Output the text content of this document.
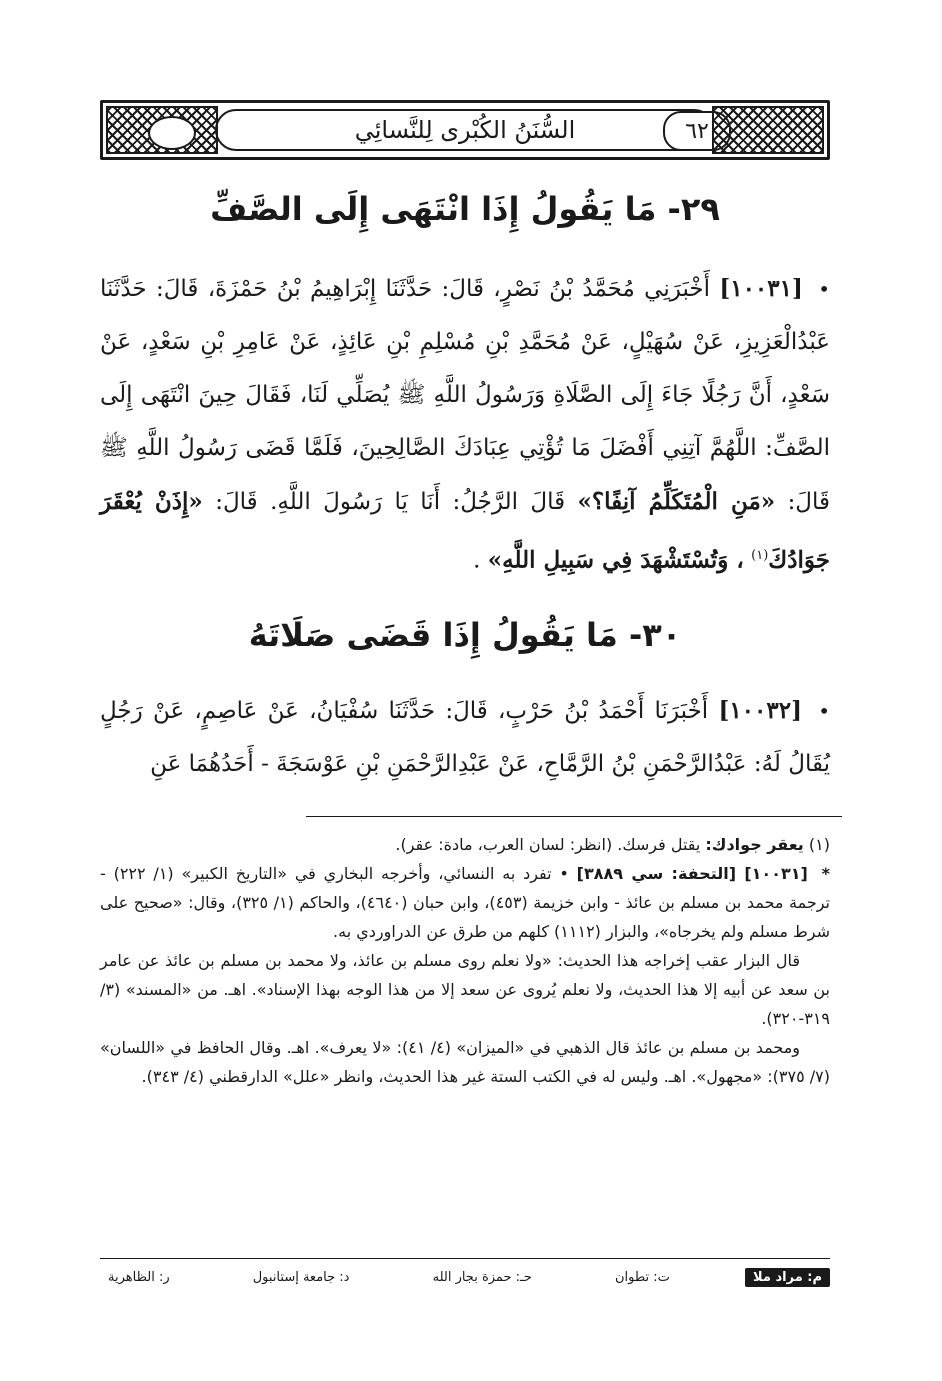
السُّنَنُ الكُبْرى لِلنَّسائِي	٦٢
٢٩- مَا يَقُولُ إِذَا انْتَهَى إِلَى الصَّفِّ
• [١٠٠٣١] أَخْبَرَنِي مُحَمَّدُ بْنُ نَصْرٍ، قَالَ: حَدَّثَنَا إِبْرَاهِيمُ بْنُ حَمْزَةَ، قَالَ: حَدَّثَنَا عَبْدُالْعَزِيزِ، عَنْ سُهَيْلٍ، عَنْ مُحَمَّدِ بْنِ مُسْلِمِ بْنِ عَائِذٍ، عَنْ عَامِرِ بْنِ سَعْدٍ، عَنْ سَعْدٍ، أَنَّ رَجُلًا جَاءَ إِلَى الصَّلَاةِ وَرَسُولُ اللَّهِ ﷺ يُصَلِّي لَنَا، فَقَالَ حِينَ انْتَهَى إِلَى الصَّفِّ: اللَّهُمَّ آتِنِي أَفْضَلَ مَا تُؤْتِي عِبَادَكَ الصَّالِحِينَ، فَلَمَّا قَضَى رَسُولُ اللَّهِ ﷺ قَالَ: «مَنِ الْمُتَكَلِّمُ آنِفًا؟» قَالَ الرَّجُلُ: أَنَا يَا رَسُولَ اللَّهِ. قَالَ: «إِذَنْ يُعْقَرَ جَوَادُكَ$^{(١)}$ ، وَتُسْتَشْهَدَ فِي سَبِيلِ اللَّهِ» .
٣٠- مَا يَقُولُ إِذَا قَضَى صَلَاتَهُ
• [١٠٠٣٢] أَخْبَرَنَا أَحْمَدُ بْنُ حَرْبٍ، قَالَ: حَدَّثَنَا سُفْيَانُ، عَنْ عَاصِمٍ، عَنْ رَجُلٍ يُقَالُ لَهُ: عَبْدُالرَّحْمَنِ بْنُ الرَّمَّاحِ، عَنْ عَبْدِالرَّحْمَنِ بْنِ عَوْسَجَةَ - أَحَدُهُمَا عَنِ

(١) يعقر جوادك: يقتل فرسك. (انظر: لسان العرب، مادة: عقر).

* [١٠٠٣١] [التحفة: سي ٣٨٨٩] • تفرد به النسائي، وأخرجه البخاري في «التاريخ الكبير» (١/ ٢٢٢) - ترجمة محمد بن مسلم بن عائذ - وابن خزيمة (٤٥٣)، وابن حبان (٤٦٤٠)، والحاكم (١/ ٣٢٥)، وقال: «صحيح على شرط مسلم ولم يخرجاه»، والبزار (١١١٢) كلهم من طرق عن الدراوردي به.

قال البزار عقب إخراجه هذا الحديث: «ولا نعلم روى مسلم بن عائذ، ولا محمد بن مسلم بن عائذ عن عامر بن سعد عن أبيه إلا هذا الحديث، ولا نعلم يُروى عن سعد إلا من هذا الوجه بهذا الإسناد». اهـ. من «المسند» (٣/ ٣١٩-٣٢٠).

ومحمد بن مسلم بن عائذ قال الذهبي في «الميزان» (٤/ ٤١): «لا يعرف». اهـ. وقال الحافظ في «اللسان» (٧/ ٣٧٥): «مجهول». اهـ. وليس له في الكتب الستة غير هذا الحديث، وانظر «علل» الدارقطني (٤/ ٣٤٣).

م: مراد ملا
ت: تطوان
حـ: حمزة بجار الله
د: جامعة إستانبول
ر: الظاهرية
